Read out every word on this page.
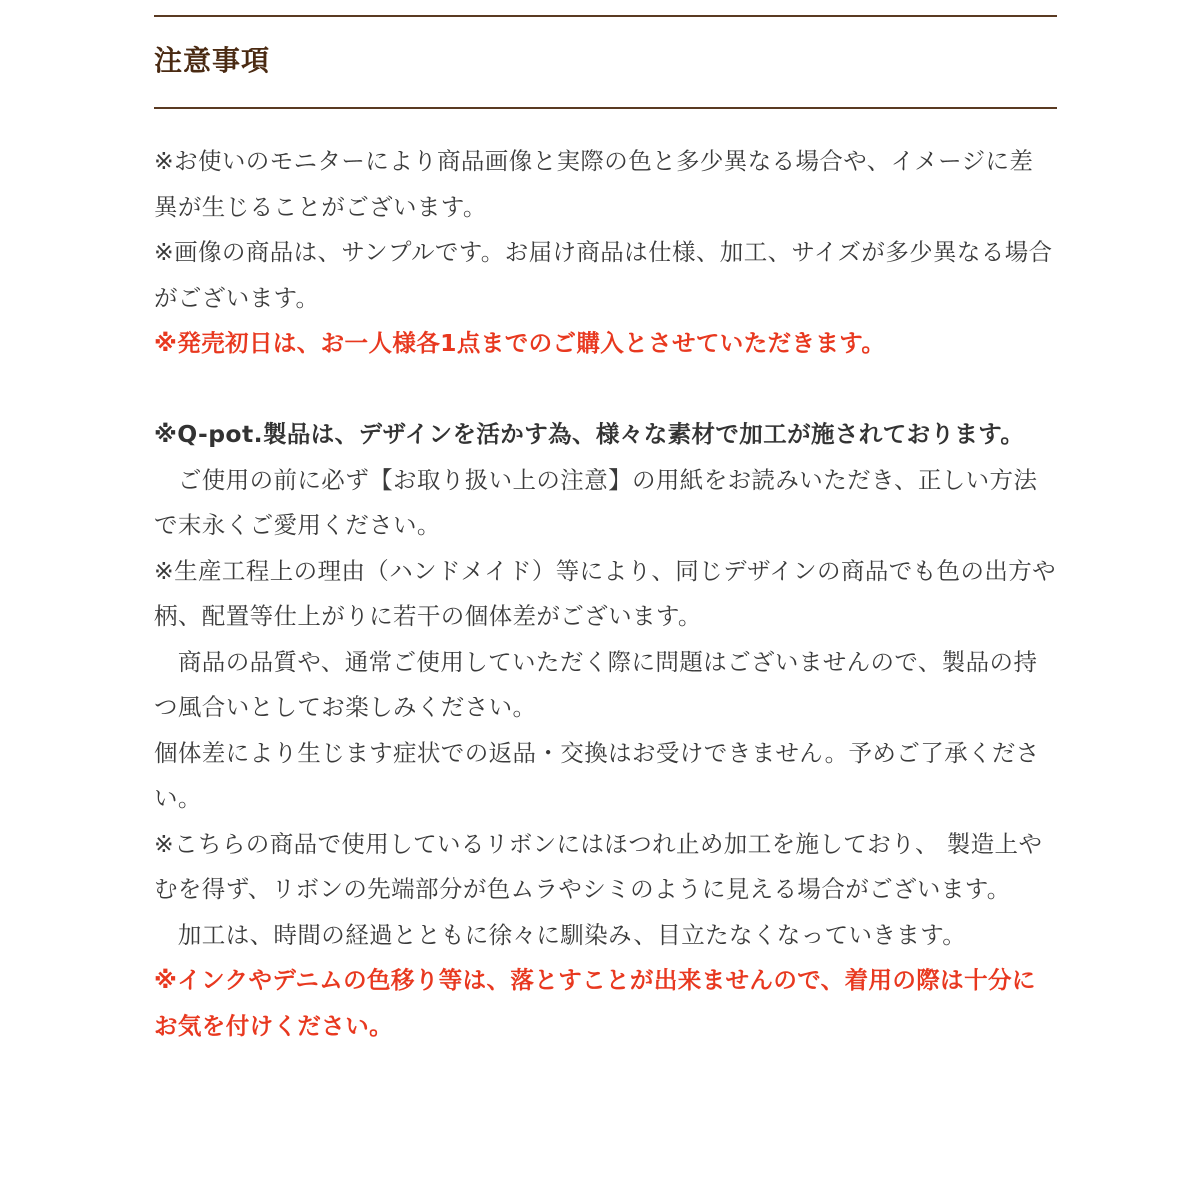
注意事項

※お使いのモニターにより商品画像と実際の色と多少異なる場合や、イメージに差異が生じることがございます。

※画像の商品は、サンプルです。お届け商品は仕様、加工、サイズが多少異なる場合がございます。

※発売初日は、お一人様各1点までのご購入とさせていただきます。

※Q-pot.製品は、デザインを活かす為、様々な素材で加工が施されております。

　ご使用の前に必ず【お取り扱い上の注意】の用紙をお読みいただき、正しい方法で末永くご愛用ください。

※生産工程上の理由（ハンドメイド）等により、同じデザインの商品でも色の出方や柄、配置等仕上がりに若干の個体差がございます。

　商品の品質や、通常ご使用していただく際に問題はございませんので、製品の持つ風合いとしてお楽しみください。

個体差により生じます症状での返品・交換はお受けできません。予めご了承ください。

※こちらの商品で使用しているリボンにはほつれ止め加工を施しており、 製造上やむを得ず、リボンの先端部分が色ムラやシミのように見える場合がございます。

　加工は、時間の経過とともに徐々に馴染み、目立たなくなっていきます。

※インクやデニムの色移り等は、落とすことが出来ませんので、着用の際は十分にお気を付けください。
